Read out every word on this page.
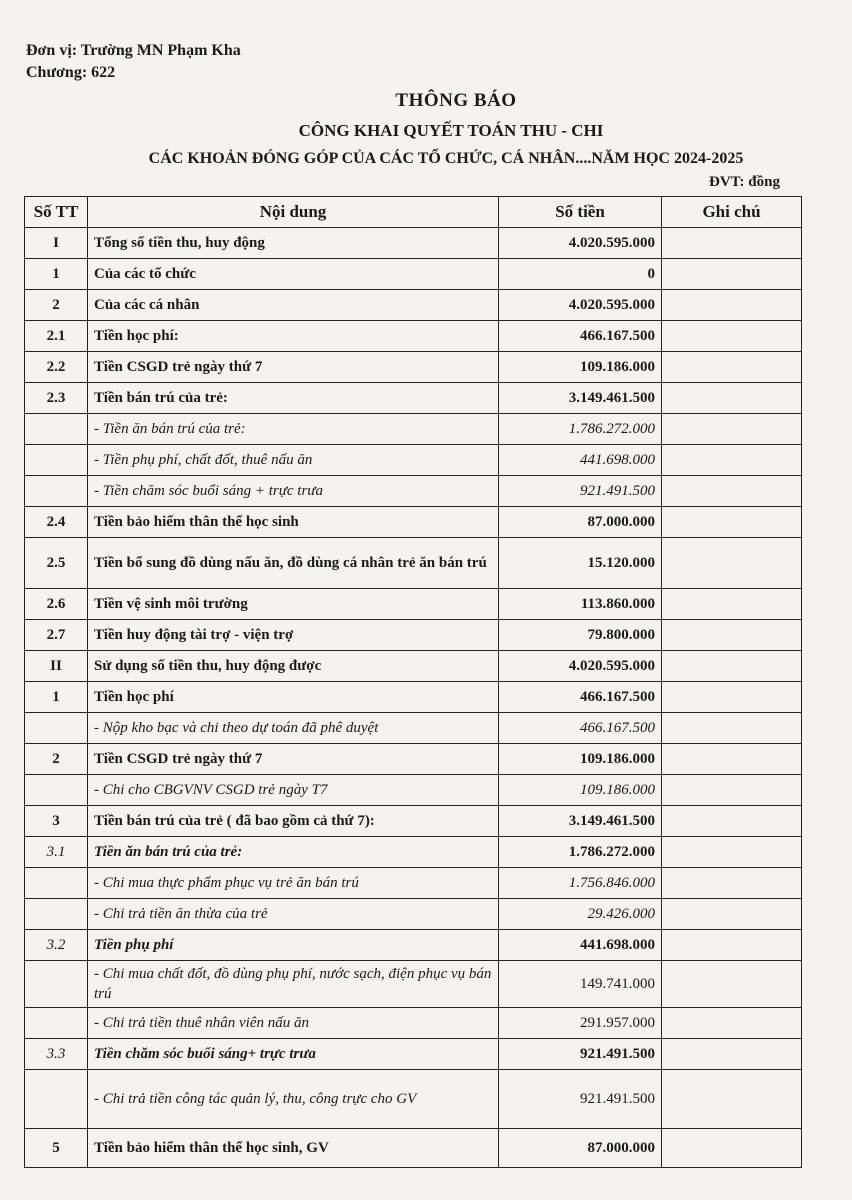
Đơn vị: Trường MN Phạm Kha
Chương: 622
THÔNG BÁO
CÔNG KHAI QUYẾT TOÁN THU - CHI
CÁC KHOẢN ĐÓNG GÓP CỦA CÁC TỔ CHỨC, CÁ NHÂN....NĂM HỌC 2024-2025
ĐVT: đồng
Số TT	Nội dung	Số tiền	Ghi chú
I	Tổng số tiền thu, huy động	4.020.595.000	
1	Của các tổ chức	0	
2	Của các cá nhân	4.020.595.000	
2.1	Tiền học phí:	466.167.500	
2.2	Tiền CSGD trẻ ngày thứ 7	109.186.000	
2.3	Tiền bán trú của trẻ:	3.149.461.500	
	- Tiền ăn bán trú của trẻ:	1.786.272.000	
	- Tiền phụ phí, chất đốt, thuê nấu ăn	441.698.000	
	- Tiền chăm sóc buổi sáng + trực trưa	921.491.500	
2.4	Tiền bảo hiểm thân thể học sinh	87.000.000	
2.5	Tiền bổ sung đồ dùng nấu ăn, đồ dùng cá nhân trẻ ăn bán trú	15.120.000	
2.6	Tiền vệ sinh môi trường	113.860.000	
2.7	Tiền huy động tài trợ - viện trợ	79.800.000	
II	Sử dụng số tiền thu, huy động được	4.020.595.000	
1	Tiền học phí	466.167.500	
	- Nộp kho bạc và chi theo dự toán đã phê duyệt	466.167.500	
2	Tiền CSGD trẻ ngày thứ 7	109.186.000	
	- Chi cho CBGVNV CSGD trẻ ngày T7	109.186.000	
3	Tiền bán trú của trẻ ( đã bao gồm cả thứ 7):	3.149.461.500	
3.1	Tiền ăn bán trú của trẻ:	1.786.272.000	
	- Chi mua thực phẩm phục vụ trẻ ăn bán trú	1.756.846.000	
	- Chi trả tiền ăn thừa của trẻ	29.426.000	
3.2	Tiền phụ phí	441.698.000	
	- Chi mua chất đốt, đồ dùng phụ phí, nước sạch, điện phục vụ bán trú	149.741.000	
	- Chi trả tiền thuê nhân viên nấu ăn	291.957.000	
3.3	Tiền chăm sóc buổi sáng+ trực trưa	921.491.500	
	- Chi trả tiền công tác quản lý, thu, công trực cho GV	921.491.500	
5	Tiền bảo hiểm thân thể học sinh, GV	87.000.000	
